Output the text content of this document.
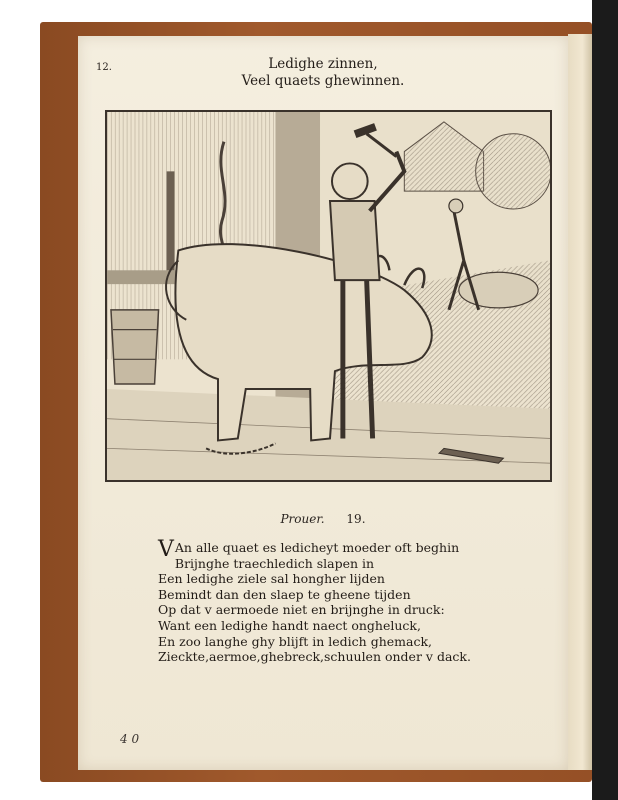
12.	Ledighe zinnen,
Veel quaets ghewinnen.
Prouer. 19.
V An alle quaet es ledicheyt moeder oft beghin
Brijnghe traechledich slapen in
Een ledighe ziele sal hongher lijden
Bemindt dan den slaep te gheene tijden
Op dat v aermoede niet en brijnghe in druck:
Want een ledighe handt naect ongheluck,
En zoo langhe ghy blijft in ledich ghemack,
Zieckte,aermoe,ghebreck,schuulen onder v dack.
4 0
